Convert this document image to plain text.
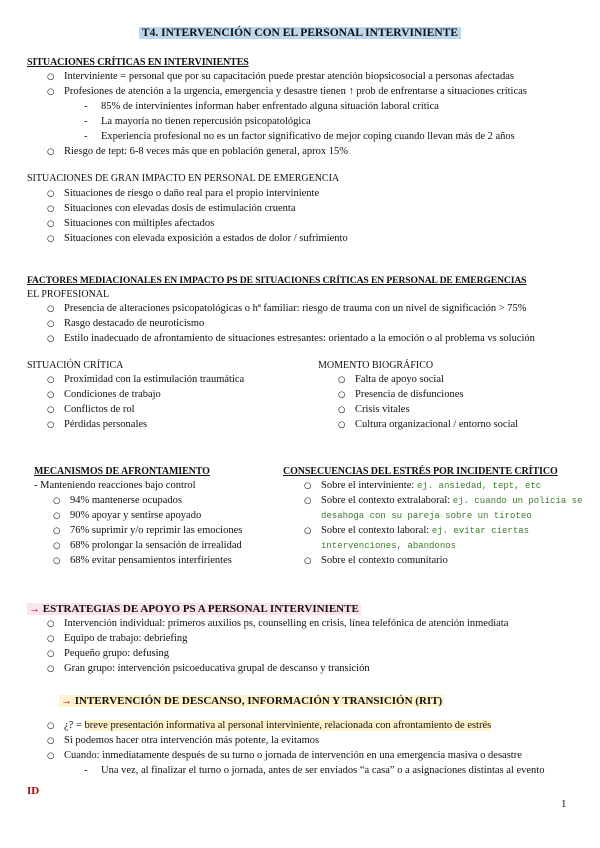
T4. INTERVENCIÓN CON EL PERSONAL INTERVINIENTE
SITUACIONES CRÍTICAS EN INTERVINIENTES
○ Interviniente = personal que por su capacitación puede prestar atención biopsicosocial a personas afectadas
○ Profesiones de atención a la urgencia, emergencia y desastre tienen ↑ prob de enfrentarse a situaciones críticas
- 85% de intervinientes informan haber enfrentado alguna situación laboral crítica
- La mayoría no tienen repercusión psicopatológica
- Experiencia profesional no es un factor significativo de mejor coping cuando llevan más de 2 años
○ Riesgo de tept: 6-8 veces más que en población general, aprox 15%
SITUACIONES DE GRAN IMPACTO EN PERSONAL DE EMERGENCIA
○ Situaciones de riesgo o daño real para el propio interviniente
○ Situaciones con elevadas dosis de estimulación cruenta
○ Situaciones con múltiples afectados
○ Situaciones con elevada exposición a estados de dolor / sufrimiento
FACTORES MEDIACIONALES EN IMPACTO PS DE SITUACIONES CRÍTICAS EN PERSONAL DE EMERGENCIAS
EL PROFESIONAL
○ Presencia de alteraciones psicopatológicas o hª familiar: riesgo de trauma con un nivel de significación > 75%
○ Rasgo destacado de neuroticismo
○ Estilo inadecuado de afrontamiento de situaciones estresantes: orientado a la emoción o al problema vs solución
SITUACIÓN CRÍTICA
○ Proximidad con la estimulación traumática
○ Condiciones de trabajo
○ Conflictos de rol
○ Pérdidas personales
MOMENTO BIOGRÁFICO
○ Falta de apoyo social
○ Presencia de disfunciones
○ Crisis vitales
○ Cultura organizacional / entorno social
MECANISMOS DE AFRONTAMIENTO
- Manteniendo reacciones bajo control
○ 94% mantenerse ocupados
○ 90% apoyar y sentirse apoyado
○ 76% suprimir y/o reprimir las emociones
○ 68% prolongar la sensación de irrealidad
○ 68% evitar pensamientos interfirientes
CONSECUENCIAS DEL ESTRÉS POR INCIDENTE CRÍTICO
○ Sobre el interviniente: ej. ansiedad, tept, etc
○ Sobre el contexto extralaboral: ej. cuando un policía se
desahoga con su pareja sobre un tiroteo
○ Sobre el contexto laboral: ej. evitar ciertas
intervenciones, abandonos
○ Sobre el contexto comunitario
→ ESTRATEGIAS DE APOYO PS A PERSONAL INTERVINIENTE
○ Intervención individual: primeros auxilios ps, counselling en crisis, línea telefónica de atención inmediata
○ Equipo de trabajo: debriefing
○ Pequeño grupo: defusing
○ Gran grupo: intervención psicoeducativa grupal de descanso y transición
→ INTERVENCIÓN DE DESCANSO, INFORMACIÓN Y TRANSICIÓN (RIT)
○ ¿? = breve presentación informativa al personal interviniente, relacionada con afrontamiento de estrés
○ Si podemos hacer otra intervención más potente, la evitamos
○ Cuando: inmediatamente después de su turno o jornada de intervención en una emergencia masiva o desastre
- Una vez, al finalizar el turno o jornada, antes de ser enviados “a casa” o a asignaciones distintas al evento
ID
1
